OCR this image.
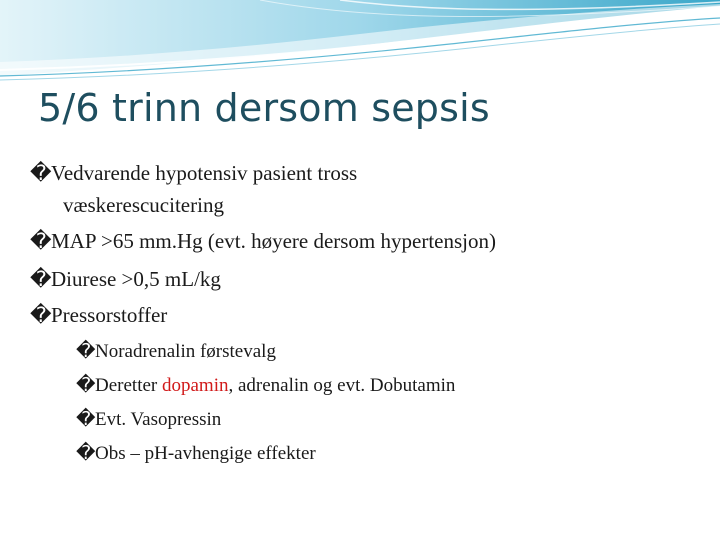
5/6 trinn dersom sepsis
�Vedvarende hypotensiv pasient tross
væskerescucitering
�MAP >65 mm.Hg (evt. høyere dersom hypertensjon)
�Diurese >0,5 mL/kg
�Pressorstoffer
�Noradrenalin førstevalg
�Deretter dopamin, adrenalin og evt. Dobutamin
�Evt. Vasopressin
�Obs – pH-avhengige effekter
